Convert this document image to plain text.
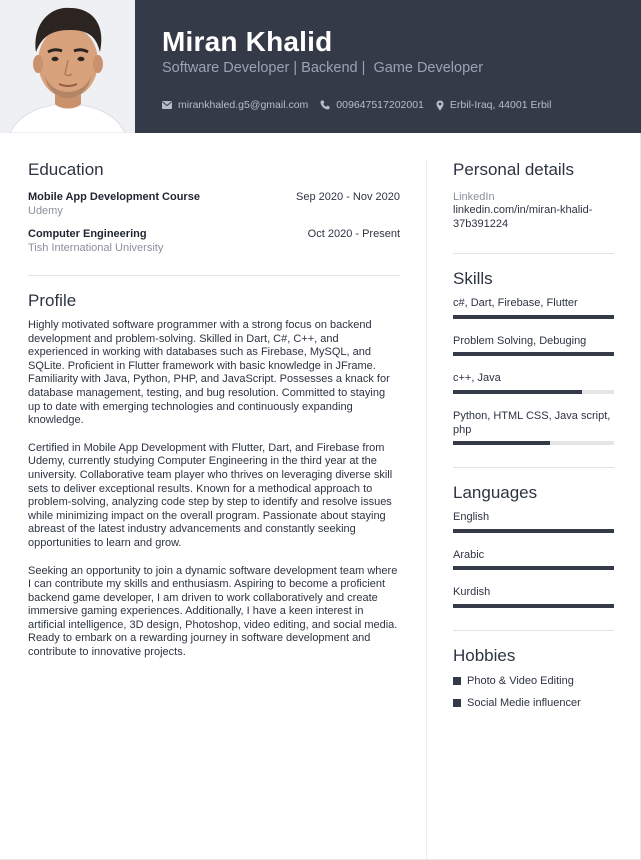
Miran Khalid
Software Developer | Backend |  Game Developer
mirankhaled.g5@gmail.com	009647517202001 Erbil-Iraq, 44001 Erbil
Education
Mobile App Development Course	Sep 2020 - Nov 2020
Udemy
Computer Engineering	Oct 2020 - Present
Tish International University
Profile

Highly motivated software programmer with a strong focus on backend development and problem-solving. Skilled in Dart, C#, C++, and experienced in working with databases such as Firebase, MySQL, and SQLite. Proficient in Flutter framework with basic knowledge in JFrame. Familiarity with Java, Python, PHP, and JavaScript. Possesses a knack for database management, testing, and bug resolution. Committed to staying up to date with emerging technologies and continuously expanding knowledge.

Certified in Mobile App Development with Flutter, Dart, and Firebase from Udemy, currently studying Computer Engineering in the third year at the university. Collaborative team player who thrives on leveraging diverse skill sets to deliver exceptional results. Known for a methodical approach to problem-solving, analyzing code step by step to identify and resolve issues while minimizing impact on the overall program. Passionate about staying abreast of the latest industry advancements and constantly seeking opportunities to learn and grow.

Seeking an opportunity to join a dynamic software development team where I can contribute my skills and enthusiasm. Aspiring to become a proficient backend game developer, I am driven to work collaboratively and create immersive gaming experiences. Additionally, I have a keen interest in artificial intelligence, 3D design, Photoshop, video editing, and social media. Ready to embark on a rewarding journey in software development and contribute to innovative projects.

Personal details
LinkedIn
linkedin.com/in/miran-khalid-37b391224
Skills
c#, Dart, Firebase, Flutter
Problem Solving, Debuging
c++, Java
Python, HTML CSS, Java script, php
Languages
English
Arabic
Kurdish
Hobbies
Photo & Video Editing
Social Medie influencer
